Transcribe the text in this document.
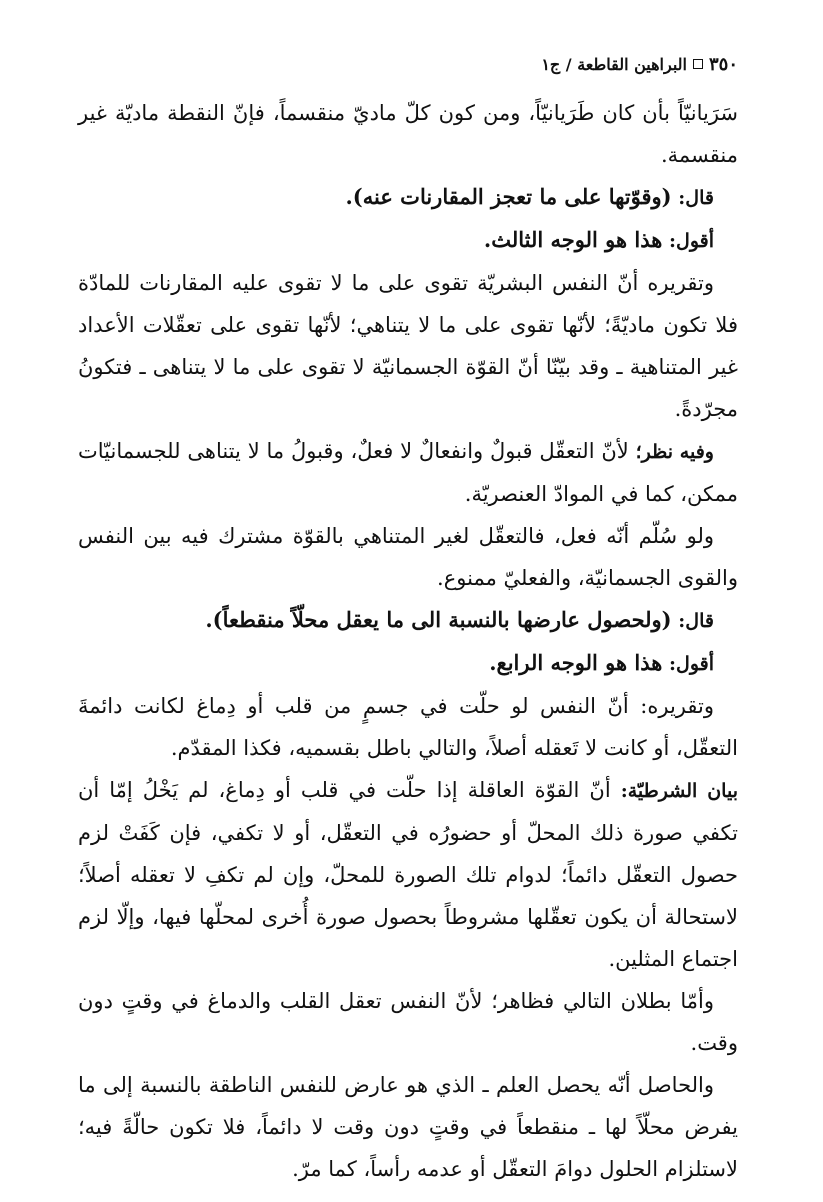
٣٥٠
البراهين القاطعة / ج١

سَرَيانيّاً بأن كان طَرَيانيّاً، ومن كون كلّ ماديّ منقسماً، فإنّ النقطة ماديّة غير منقسمة.

قال: (وقوّتها على ما تعجز المقارنات عنه).

أقول: هذا هو الوجه الثالث.

وتقريره أنّ النفس البشريّة تقوى على ما لا تقوى عليه المقارنات للمادّة فلا تكون ماديّةً؛ لأنّها تقوى على ما لا يتناهي؛ لأنّها تقوى على تعقّلات الأعداد غير المتناهية ـ وقد بيّنّا أنّ القوّة الجسمانيّة لا تقوى على ما لا يتناهى ـ فتكونُ مجرّدةً.

وفيه نظر؛ لأنّ التعقّل قبولٌ وانفعالٌ لا فعلٌ، وقبولُ ما لا يتناهى للجسمانيّات ممكن، كما في الموادّ العنصريّة.

ولو سُلّم أنّه فعل، فالتعقّل لغير المتناهي بالقوّة مشترك فيه بين النفس والقوى الجسمانيّة، والفعليّ ممنوع.

قال: (ولحصول عارضها بالنسبة الى ما يعقل محلّاً منقطعاً).

أقول: هذا هو الوجه الرابع.

وتقريره: أنّ النفس لو حلّت في جسمٍ من قلب أو دِماغ لكانت دائمةَ التعقّل، أو كانت لا تَعقله أصلاً، والتالي باطل بقسميه، فكذا المقدّم.

بيان الشرطيّة: أنّ القوّة العاقلة إذا حلّت في قلب أو دِماغ، لم يَخْلُ إمّا أن تكفي صورة ذلك المحلّ أو حضورُه في التعقّل، أو لا تكفي، فإن كَفَتْ لزم حصول التعقّل دائماً؛ لدوام تلك الصورة للمحلّ، وإن لم تكفِ لا تعقله أصلاً؛ لاستحالة أن يكون تعقّلها مشروطاً بحصول صورة أُخرى لمحلّها فيها، وإلّا لزم اجتماع المثلين.

وأمّا بطلان التالي فظاهر؛ لأنّ النفس تعقل القلب والدماغ في وقتٍ دون وقت.

والحاصل أنّه يحصل العلم ـ الذي هو عارض للنفس الناطقة بالنسبة إلى ما يفرض محلّاً لها ـ منقطعاً في وقتٍ دون وقت لا دائماً، فلا تكون حالّةً فيه؛ لاستلزام الحلول دوامَ التعقّل أو عدمه رأساً، كما مرّ.
